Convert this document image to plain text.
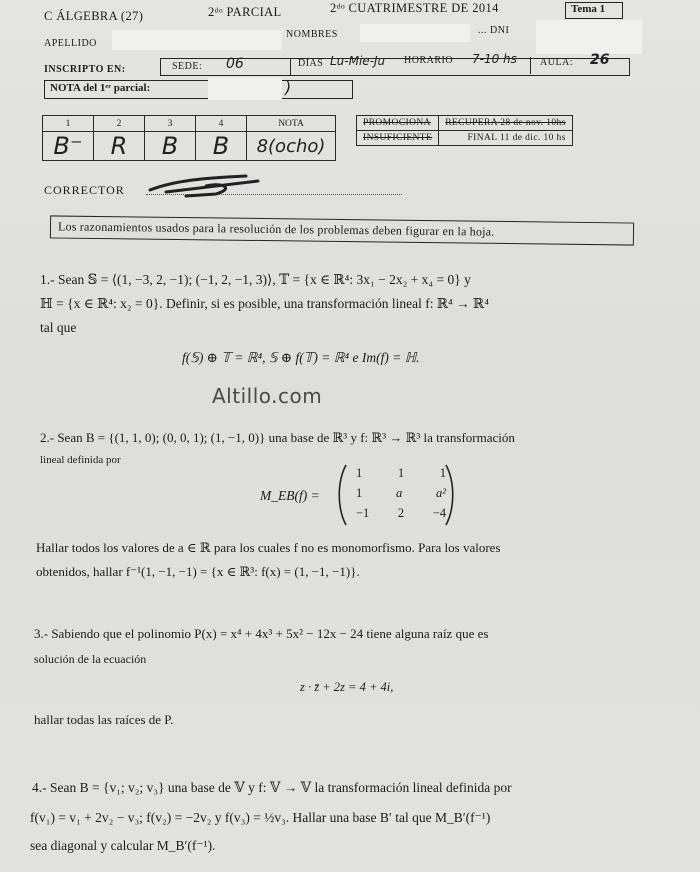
C ÁLGEBRA (27)	2ᵈᵒ PARCIAL	2ᵈᵒ CUATRIMESTRE DE 2014	Tema 1
APELLIDO
NOMBRES	... DNI
INSCRIPTO EN:	SEDE: 06	DIAS Lu-Mie-Ju HORARIO 7-10 hs AULA: 26
NOTA del 1ᵉʳ parcial:	)
1	2	3	4	NOTA
B⁻	R	B	B	8(ocho)
PROMOCIONA	RECUPERA 28 de nov. 10hs
INSUFICIENTE	FINAL 11 de dic. 10 hs
CORRECTOR
Los razonamientos usados para la resolución de los problemas deben figurar en la hoja.
1.- Sean 𝕊 = ⟨(1, −3, 2, −1); (−1, 2, −1, 3)⟩, 𝕋 = {x ∈ ℝ⁴: 3x₁ − 2x₂ + x₄ = 0} y
ℍ = {x ∈ ℝ⁴: x₂ = 0}. Definir, si es posible, una transformación lineal f: ℝ⁴ → ℝ⁴
tal que
f(𝕊) ⊕ 𝕋 = ℝ⁴, 𝕊 ⊕ f(𝕋) = ℝ⁴ e Im(f) = ℍ.
Altillo.com
2.- Sean B = {(1, 1, 0); (0, 0, 1); (1, −1, 0)} una base de ℝ³ y f: ℝ³ → ℝ³ la transformación
lineal definida por
M_EB(f) =
1	1	1
1	a	a²
−1 2 −4
Hallar todos los valores de a ∈ ℝ para los cuales f no es monomorfismo. Para los valores
obtenidos, hallar f⁻¹(1, −1, −1) = {x ∈ ℝ³: f(x) = (1, −1, −1)}.
3.- Sabiendo que el polinomio P(x) = x⁴ + 4x³ + 5x² − 12x − 24 tiene alguna raíz que es
solución de la ecuación
z · z̄ + 2z = 4 + 4i,
hallar todas las raíces de P.
4.- Sean B = {v₁; v₂; v₃} una base de 𝕍 y f: 𝕍 → 𝕍 la transformación lineal definida por
f(v₁) = v₁ + 2v₂ − v₃; f(v₂) = −2v₂ y f(v₃) = ½v₃. Hallar una base B′ tal que M_B′(f⁻¹)
sea diagonal y calcular M_B′(f⁻¹).
